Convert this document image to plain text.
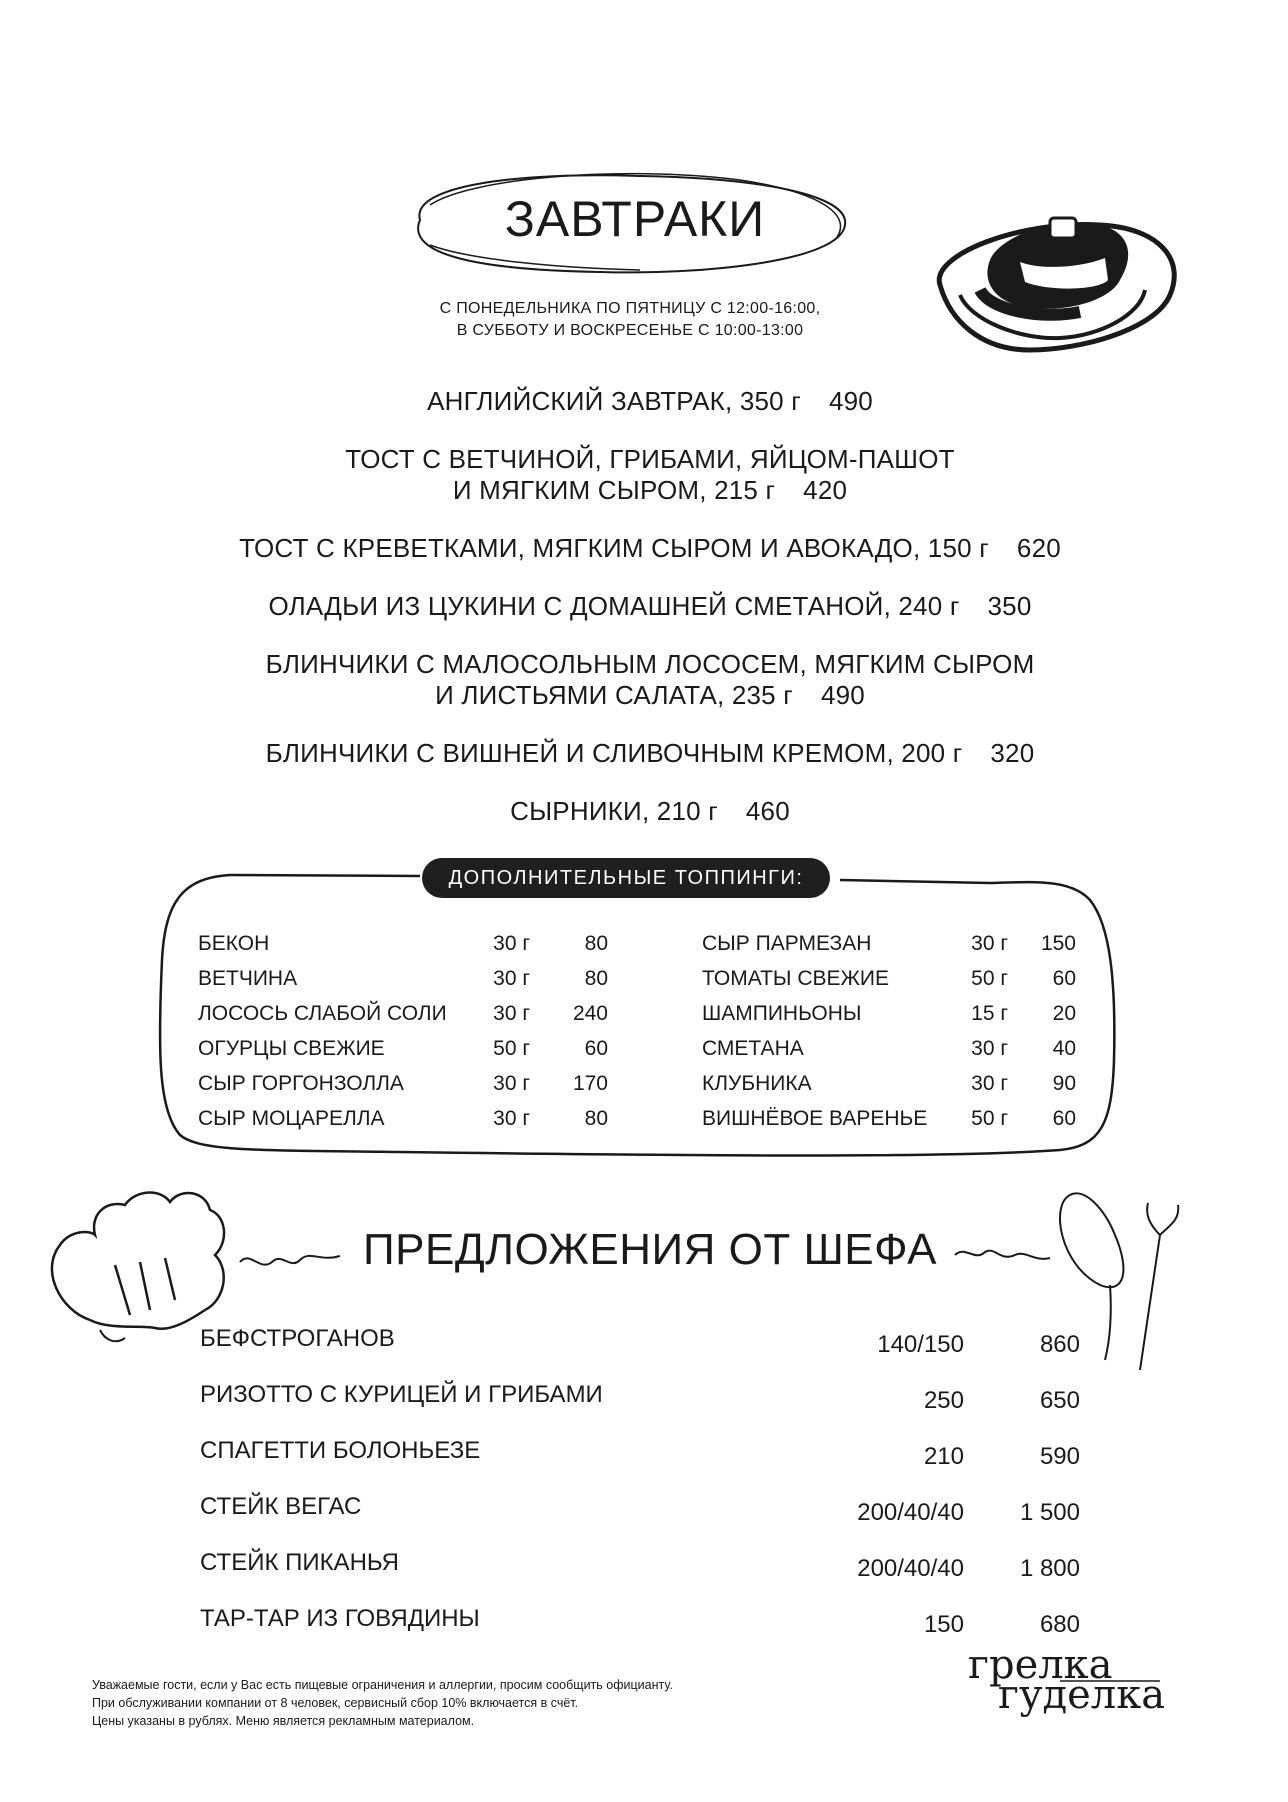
ЗАВТРАКИ
С ПОНЕДЕЛЬНИКА ПО ПЯТНИЦУ С 12:00-16:00,
В СУББОТУ И ВОСКРЕСЕНЬЕ С 10:00-13:00
АНГЛИЙСКИЙ ЗАВТРАК, 350 г 490
ТОСТ С ВЕТЧИНОЙ, ГРИБАМИ, ЯЙЦОМ-ПАШОТ
И МЯГКИМ СЫРОМ, 215 г 420
ТОСТ С КРЕВЕТКАМИ, МЯГКИМ СЫРОМ И АВОКАДО, 150 г 620
ОЛАДЬИ ИЗ ЦУКИНИ С ДОМАШНЕЙ СМЕТАНОЙ, 240 г 350
БЛИНЧИКИ С МАЛОСОЛЬНЫМ ЛОСОСЕМ, МЯГКИМ СЫРОМ
И ЛИСТЬЯМИ САЛАТА, 235 г 490
БЛИНЧИКИ С ВИШНЕЙ И СЛИВОЧНЫМ КРЕМОМ, 200 г 320
СЫРНИКИ, 210 г 460
ДОПОЛНИТЕЛЬНЫЕ ТОППИНГИ:
БЕКОН	30 г	80
ВЕТЧИНА	30 г	80
ЛОСОСЬ СЛАБОЙ СОЛИ 30 г 240
ОГУРЦЫ СВЕЖИЕ	50 г	60
СЫР ГОРГОНЗОЛЛА	30 г 170
СЫР МОЦАРЕЛЛА	30 г	80
СЫР ПАРМЕЗАН	30 г 150
ТОМАТЫ СВЕЖИЕ	50 г 60
ШАМПИНЬОНЫ	15 г 20
СМЕТАНА	30 г 40
КЛУБНИКА	30 г 90
ВИШНЁВОЕ ВАРЕНЬЕ 50 г 60
ПРЕДЛОЖЕНИЯ ОТ ШЕФА
БЕФСТРОГАНОВ	140/150	860
РИЗОТТО С КУРИЦЕЙ И ГРИБАМИ	250	650
СПАГЕТТИ БОЛОНЬЕЗЕ	210	590
СТЕЙК ВЕГАС	200/40/40 1 500
СТЕЙК ПИКАНЬЯ	200/40/40 1 800
ТАР-ТАР ИЗ ГОВЯДИНЫ	150	680
Уважаемые гости, если у Вас есть пищевые ограничения и аллергии, просим сообщить официанту.
При обслуживании компании от 8 человек, сервисный сбор 10% включается в счёт.
Цены указаны в рублях. Меню является рекламным материалом.
грелка
гуделка
